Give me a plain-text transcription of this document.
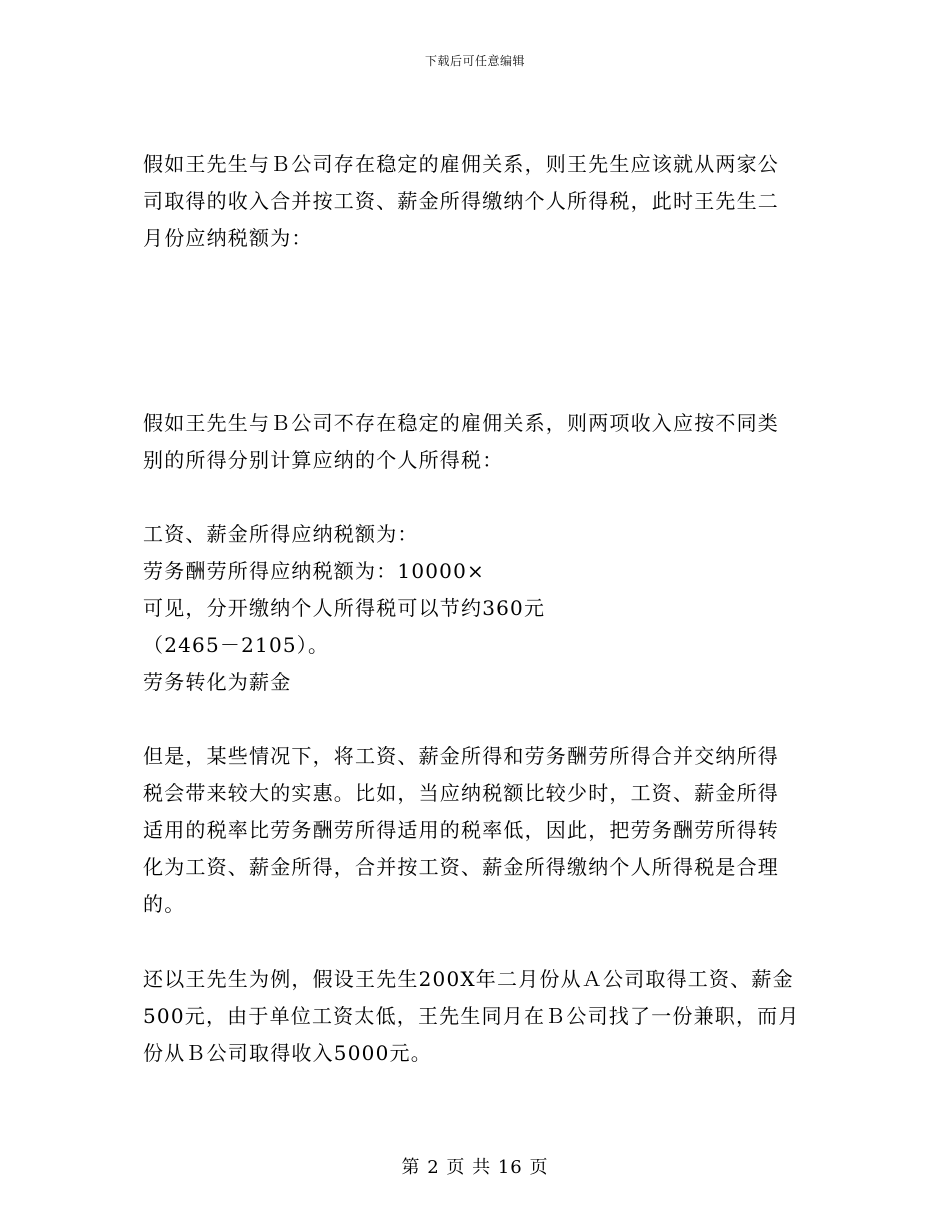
下载后可任意编辑
假如王先生与Ｂ公司存在稳定的雇佣关系，则王先生应该就从两家公
司取得的收入合并按工资、薪金所得缴纳个人所得税，此时王先生二
月份应纳税额为：
假如王先生与Ｂ公司不存在稳定的雇佣关系，则两项收入应按不同类
别的所得分别计算应纳的个人所得税：
工资、薪金所得应纳税额为：
劳务酬劳所得应纳税额为：10000×
可见，分开缴纳个人所得税可以节约360元
（2465－2105）。
劳务转化为薪金
但是，某些情况下，将工资、薪金所得和劳务酬劳所得合并交纳所得
税会带来较大的实惠。比如，当应纳税额比较少时，工资、薪金所得
适用的税率比劳务酬劳所得适用的税率低，因此，把劳务酬劳所得转
化为工资、薪金所得，合并按工资、薪金所得缴纳个人所得税是合理
的。
还以王先生为例，假设王先生200X年二月份从Ａ公司取得工资、薪金
500元，由于单位工资太低，王先生同月在Ｂ公司找了一份兼职，而月
份从Ｂ公司取得收入5000元。
第 2 页 共 16 页
